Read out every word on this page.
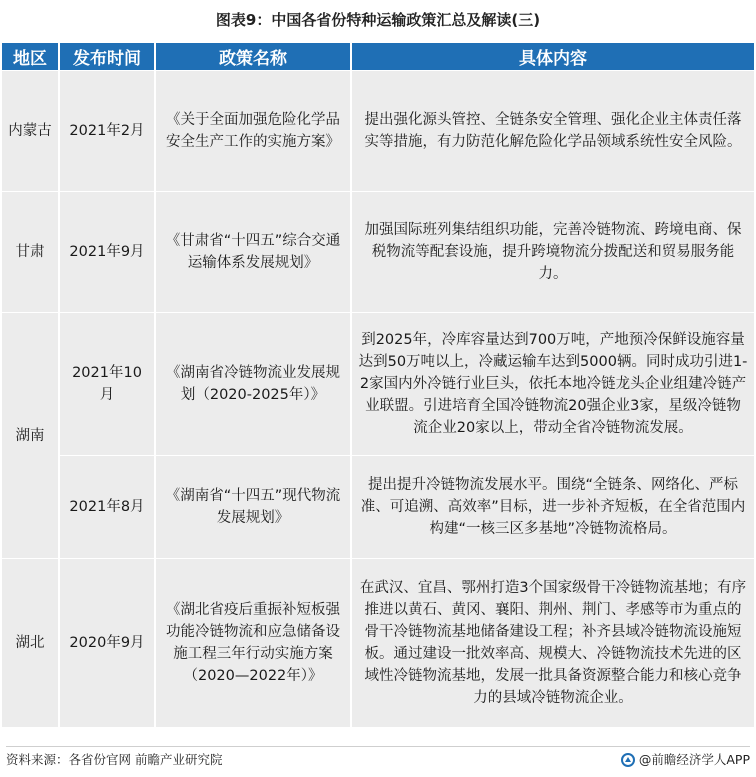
图表9：中国各省份特种运输政策汇总及解读(三)
地区	发布时间	政策名称	具体内容
内蒙古	2021年2月	《关于全面加强危险化学品安全生产工作的实施方案》	提出强化源头管控、全链条安全管理、强化企业主体责任落实等措施，有力防范化解危险化学品领域系统性安全风险。
甘肃	2021年9月	《甘肃省“十四五”综合交通运输体系发展规划》	加强国际班列集结组织功能，完善冷链物流、跨境电商、保税物流等配套设施，提升跨境物流分拨配送和贸易服务能力。
湖南	2021年10月	《湖南省冷链物流业发展规划（2020-2025年）》	到2025年，冷库容量达到700万吨，产地预冷保鲜设施容量达到50万吨以上，冷藏运输车达到5000辆。同时成功引进1-2家国内外冷链行业巨头，依托本地冷链龙头企业组建冷链产业联盟。引进培育全国冷链物流20强企业3家，星级冷链物流企业20家以上，带动全省冷链物流发展。
	2021年8月	《湖南省“十四五”现代物流发展规划》	提出提升冷链物流发展水平。围绕“全链条、网络化、严标准、可追溯、高效率”目标，进一步补齐短板，在全省范围内构建“一核三区多基地”冷链物流格局。
湖北	2020年9月	《湖北省疫后重振补短板强功能冷链物流和应急储备设施工程三年行动实施方案（2020—2022年）》	在武汉、宜昌、鄂州打造3个国家级骨干冷链物流基地；有序推进以黄石、黄冈、襄阳、荆州、荆门、孝感等市为重点的骨干冷链物流基地储备建设工程；补齐县域冷链物流设施短板。通过建设一批效率高、规模大、冷链物流技术先进的区域性冷链物流基地，发展一批具备资源整合能力和核心竞争力的县域冷链物流企业。
资料来源：各省份官网 前瞻产业研究院	@前瞻经济学人APP
